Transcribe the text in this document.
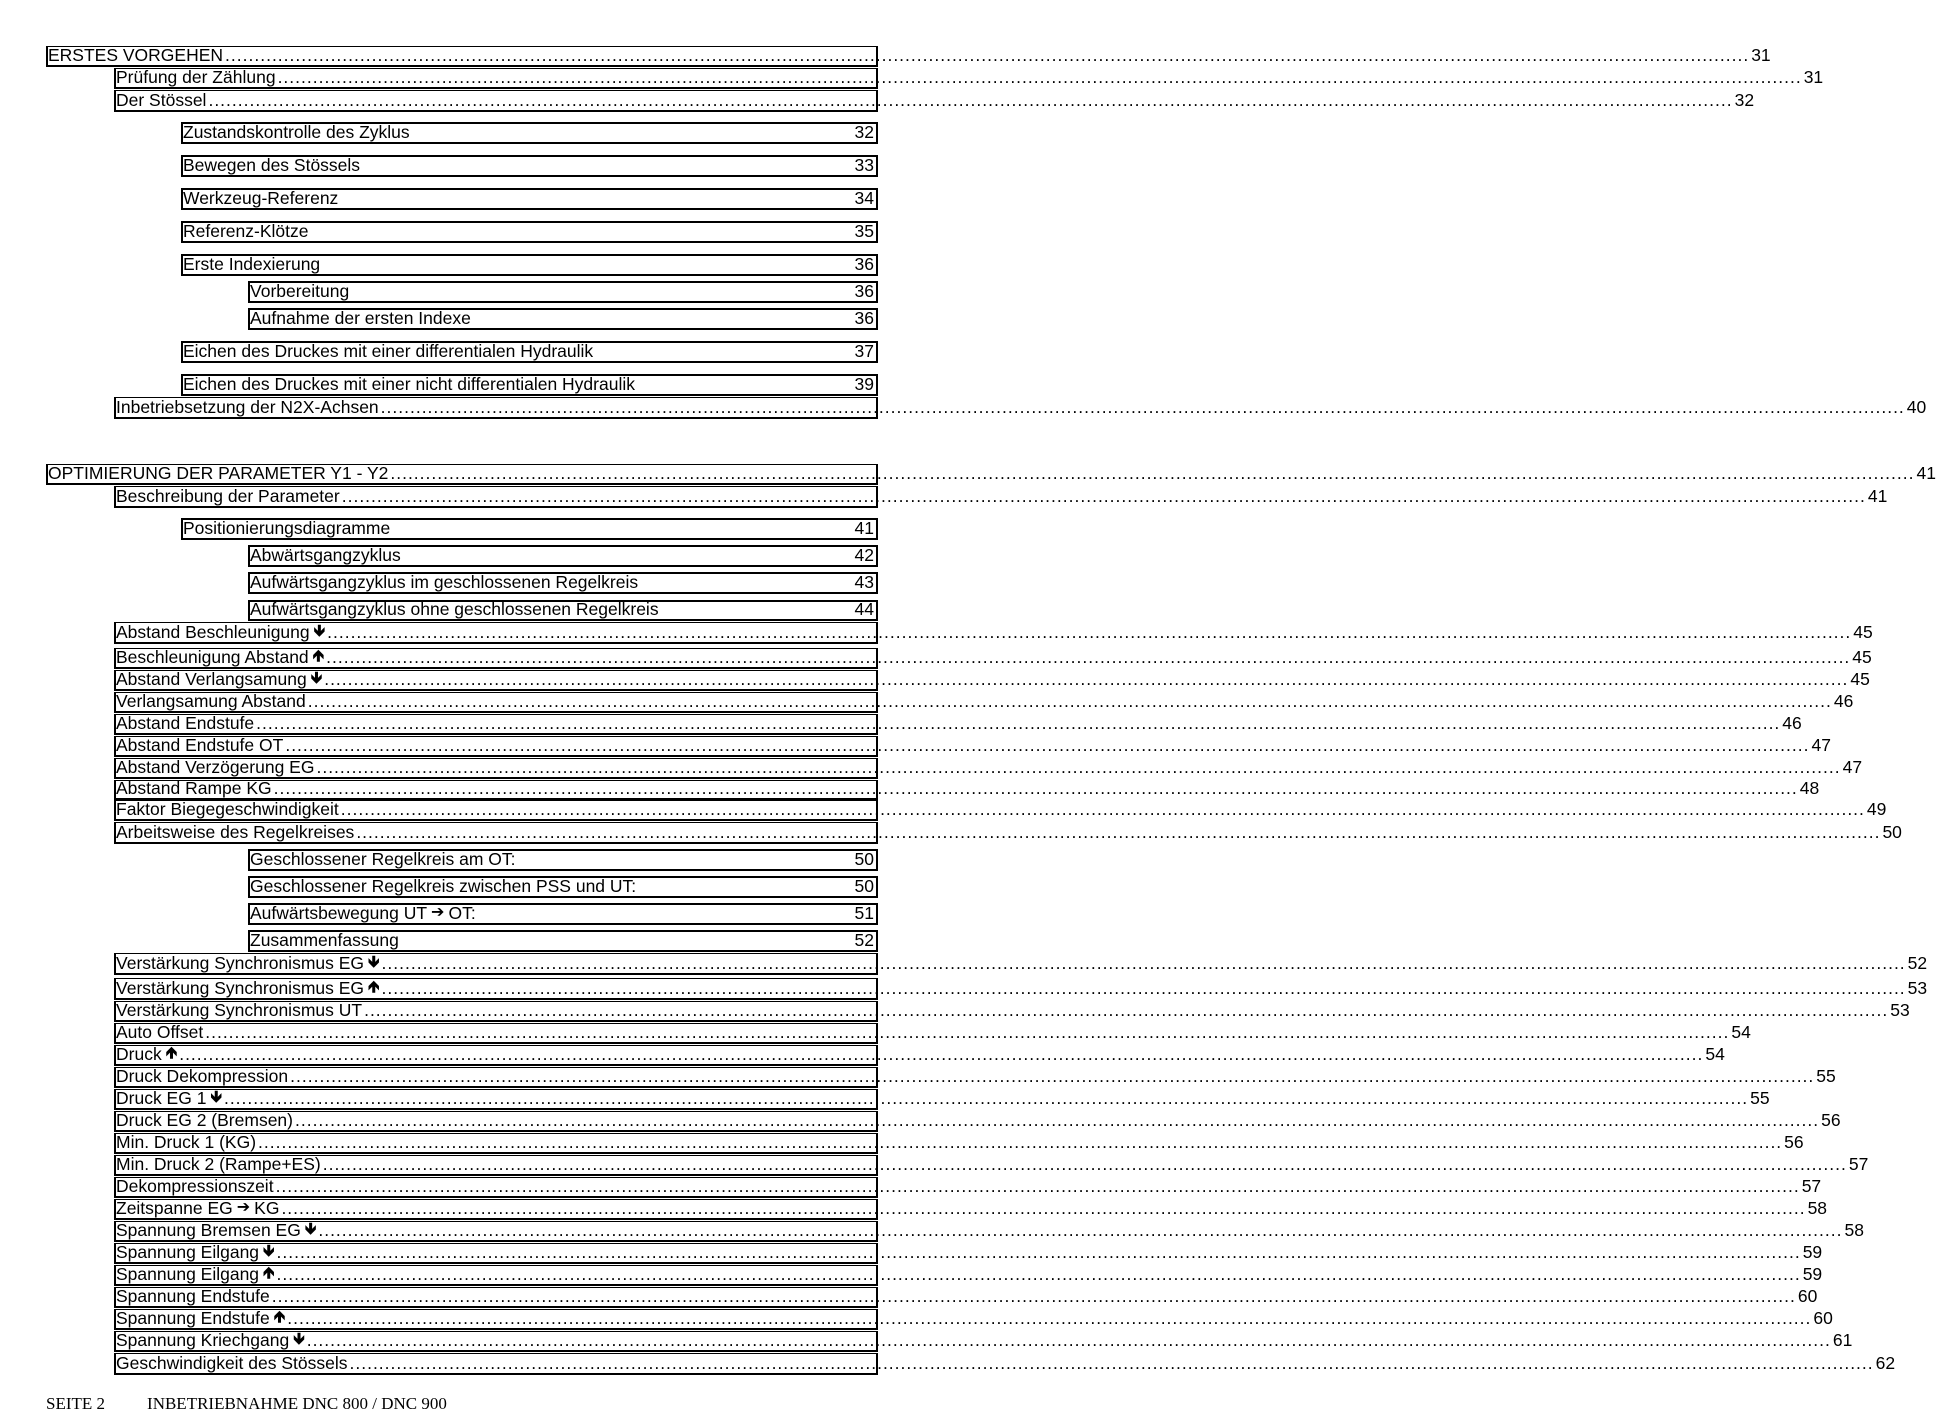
ERSTES VORGEHEN .................................................................................................................................................................................................................................................................... 31
Prüfung der Zählung .................................................................................................................................................................................................................................................................... 31
Der Stössel .................................................................................................................................................................................................................................................................... 32
Zustandskontrolle des Zyklus	32
Bewegen des Stössels	33
Werkzeug-Referenz	34
Referenz-Klötze	35
Erste Indexierung	36
Vorbereitung	36
Aufnahme der ersten Indexe	36
Eichen des Druckes mit einer differentialen Hydraulik	37
Eichen des Druckes mit einer nicht differentialen Hydraulik	39
Inbetriebsetzung der N2X-Achsen .................................................................................................................................................................................................................................................................... 40
OPTIMIERUNG DER PARAMETER Y1 - Y2 .................................................................................................................................................................................................................................................................... 41
Beschreibung der Parameter .................................................................................................................................................................................................................................................................... 41
Positionierungsdiagramme	41
Abwärtsgangzyklus	42
Aufwärtsgangzyklus im geschlossenen Regelkreis	43
Aufwärtsgangzyklus ohne geschlossenen Regelkreis	44
Abstand Beschleunigung 🡻 .................................................................................................................................................................................................................................................................... 45
Beschleunigung Abstand 🡹 .................................................................................................................................................................................................................................................................... 45
Abstand Verlangsamung 🡻 .................................................................................................................................................................................................................................................................... 45
Verlangsamung Abstand .................................................................................................................................................................................................................................................................... 46
Abstand Endstufe .................................................................................................................................................................................................................................................................... 46
Abstand Endstufe OT .................................................................................................................................................................................................................................................................... 47
Abstand Verzögerung EG .................................................................................................................................................................................................................................................................... 47
Abstand Rampe KG .................................................................................................................................................................................................................................................................... 48
Faktor Biegegeschwindigkeit .................................................................................................................................................................................................................................................................... 49
Arbeitsweise des Regelkreises .................................................................................................................................................................................................................................................................... 50
Geschlossener Regelkreis am OT:	50
Geschlossener Regelkreis zwischen PSS und UT:	50
Aufwärtsbewegung UT ➔ OT:	51
Zusammenfassung	52
Verstärkung Synchronismus EG 🡻 .................................................................................................................................................................................................................................................................... 52
Verstärkung Synchronismus EG 🡹 .................................................................................................................................................................................................................................................................... 53
Verstärkung Synchronismus UT .................................................................................................................................................................................................................................................................... 53
Auto Offset .................................................................................................................................................................................................................................................................... 54
Druck 🡹 .................................................................................................................................................................................................................................................................... 54
Druck Dekompression .................................................................................................................................................................................................................................................................... 55
Druck EG 1 🡻 .................................................................................................................................................................................................................................................................... 55
Druck EG 2 (Bremsen) .................................................................................................................................................................................................................................................................... 56
Min. Druck 1 (KG) .................................................................................................................................................................................................................................................................... 56
Min. Druck 2 (Rampe+ES) .................................................................................................................................................................................................................................................................... 57
Dekompressionszeit .................................................................................................................................................................................................................................................................... 57
Zeitspanne EG ➔ KG .................................................................................................................................................................................................................................................................... 58
Spannung Bremsen EG 🡻 .................................................................................................................................................................................................................................................................... 58
Spannung Eilgang 🡻 .................................................................................................................................................................................................................................................................... 59
Spannung Eilgang 🡹 .................................................................................................................................................................................................................................................................... 59
Spannung Endstufe .................................................................................................................................................................................................................................................................... 60
Spannung Endstufe 🡹 .................................................................................................................................................................................................................................................................... 60
Spannung Kriechgang 🡻 .................................................................................................................................................................................................................................................................... 61
Geschwindigkeit des Stössels .................................................................................................................................................................................................................................................................... 62
SEITE 2 INBETRIEBNAHME DNC 800 / DNC 900
